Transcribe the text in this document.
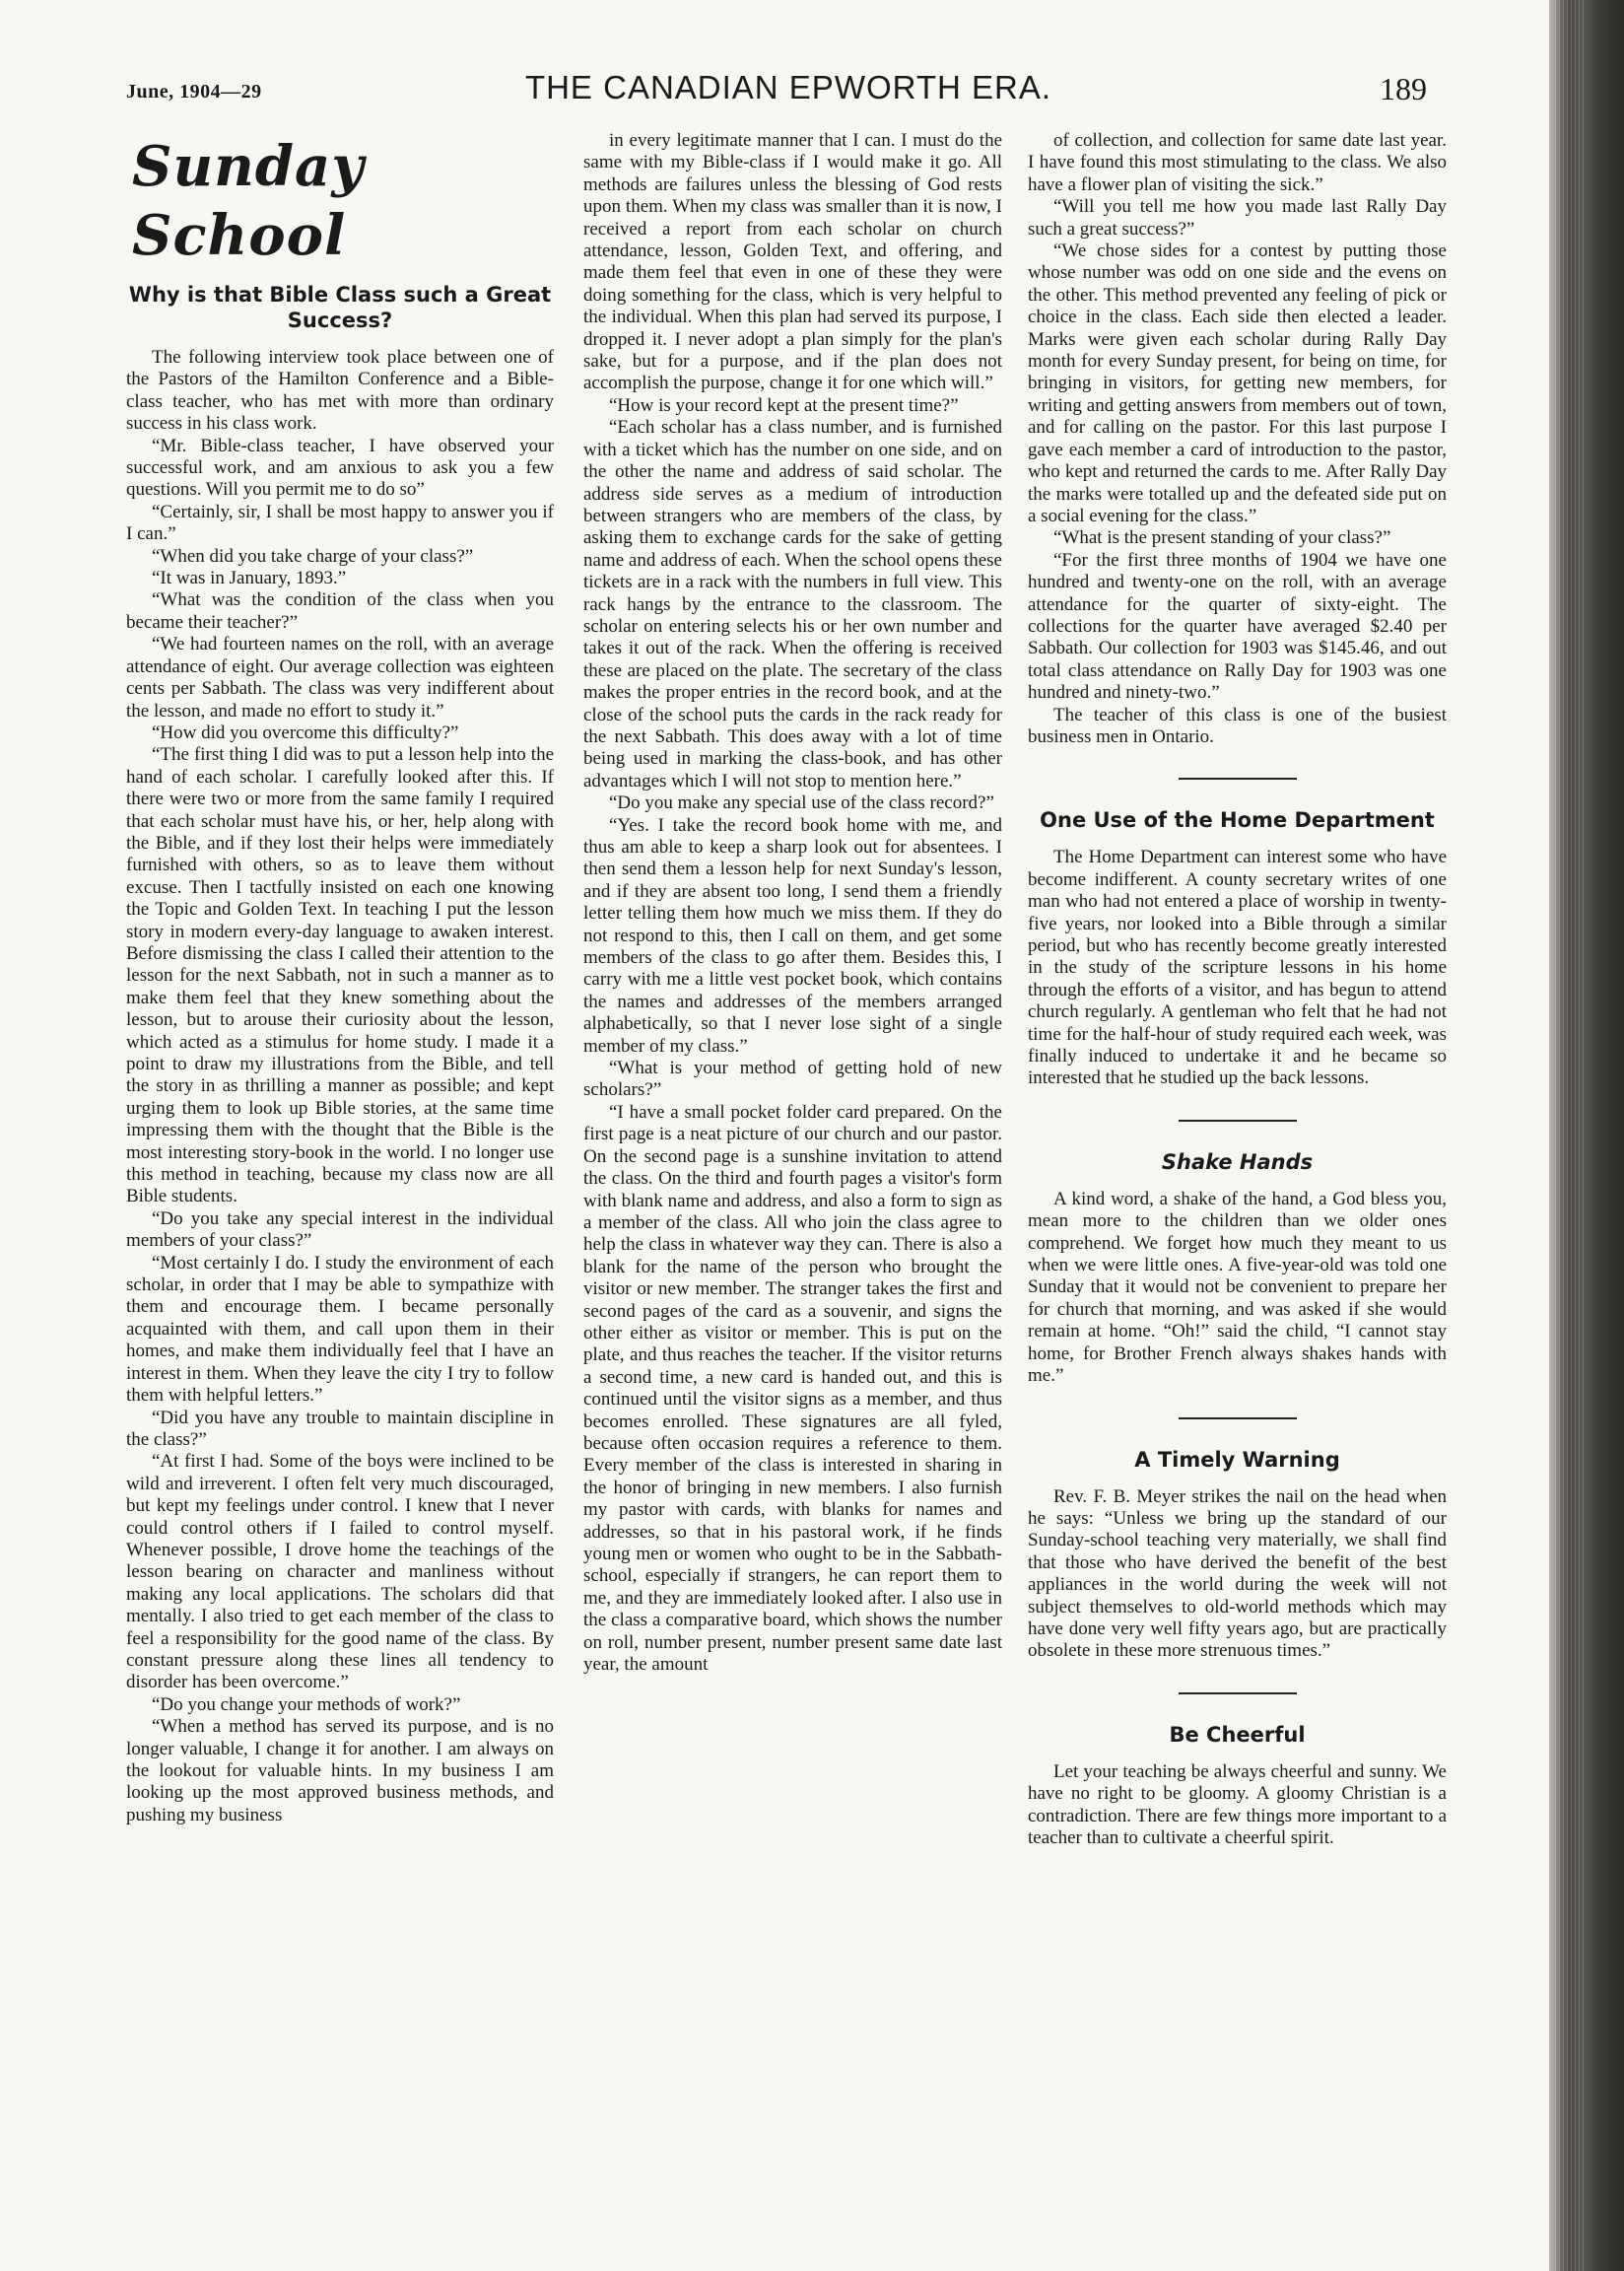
June, 1904—29	THE CANADIAN EPWORTH ERA.	189
Sunday School
Why is that Bible Class such a Great Success?

The following interview took place between one of the Pastors of the Hamilton Conference and a Bible-class teacher, who has met with more than ordinary success in his class work.

“Mr. Bible-class teacher, I have observed your successful work, and am anxious to ask you a few questions. Will you permit me to do so”

“Certainly, sir, I shall be most happy to answer you if I can.”

“When did you take charge of your class?”

“It was in January, 1893.”

“What was the condition of the class when you became their teacher?”

“We had fourteen names on the roll, with an average attendance of eight. Our average collection was eighteen cents per Sabbath. The class was very indifferent about the lesson, and made no effort to study it.”

“How did you overcome this difficulty?”

“The first thing I did was to put a lesson help into the hand of each scholar. I carefully looked after this. If there were two or more from the same family I required that each scholar must have his, or her, help along with the Bible, and if they lost their helps were immediately furnished with others, so as to leave them without excuse. Then I tactfully insisted on each one knowing the Topic and Golden Text. In teaching I put the lesson story in modern every-day language to awaken interest. Before dismissing the class I called their attention to the lesson for the next Sabbath, not in such a manner as to make them feel that they knew something about the lesson, but to arouse their curiosity about the lesson, which acted as a stimulus for home study. I made it a point to draw my illustrations from the Bible, and tell the story in as thrilling a manner as possible; and kept urging them to look up Bible stories, at the same time impressing them with the thought that the Bible is the most interesting story-book in the world. I no longer use this method in teaching, because my class now are all Bible students.

“Do you take any special interest in the individual members of your class?”

“Most certainly I do. I study the environment of each scholar, in order that I may be able to sympathize with them and encourage them. I became personally acquainted with them, and call upon them in their homes, and make them individually feel that I have an interest in them. When they leave the city I try to follow them with helpful letters.”

“Did you have any trouble to maintain discipline in the class?”

“At first I had. Some of the boys were inclined to be wild and irreverent. I often felt very much discouraged, but kept my feelings under control. I knew that I never could control others if I failed to control myself. Whenever possible, I drove home the teachings of the lesson bearing on character and manliness without making any local applications. The scholars did that mentally. I also tried to get each member of the class to feel a responsibility for the good name of the class. By constant pressure along these lines all tendency to disorder has been overcome.”

“Do you change your methods of work?”

“When a method has served its purpose, and is no longer valuable, I change it for another. I am always on the lookout for valuable hints. In my business I am looking up the most approved business methods, and pushing my business

in every legitimate manner that I can. I must do the same with my Bible-class if I would make it go. All methods are failures unless the blessing of God rests upon them. When my class was smaller than it is now, I received a report from each scholar on church attendance, lesson, Golden Text, and offering, and made them feel that even in one of these they were doing something for the class, which is very helpful to the individual. When this plan had served its purpose, I dropped it. I never adopt a plan simply for the plan's sake, but for a purpose, and if the plan does not accomplish the purpose, change it for one which will.”

“How is your record kept at the present time?”

“Each scholar has a class number, and is furnished with a ticket which has the number on one side, and on the other the name and address of said scholar. The address side serves as a medium of introduction between strangers who are members of the class, by asking them to exchange cards for the sake of getting name and address of each. When the school opens these tickets are in a rack with the numbers in full view. This rack hangs by the entrance to the classroom. The scholar on entering selects his or her own number and takes it out of the rack. When the offering is received these are placed on the plate. The secretary of the class makes the proper entries in the record book, and at the close of the school puts the cards in the rack ready for the next Sabbath. This does away with a lot of time being used in marking the class-book, and has other advantages which I will not stop to mention here.”

“Do you make any special use of the class record?”

“Yes. I take the record book home with me, and thus am able to keep a sharp look out for absentees. I then send them a lesson help for next Sunday's lesson, and if they are absent too long, I send them a friendly letter telling them how much we miss them. If they do not respond to this, then I call on them, and get some members of the class to go after them. Besides this, I carry with me a little vest pocket book, which contains the names and addresses of the members arranged alphabetically, so that I never lose sight of a single member of my class.”

“What is your method of getting hold of new scholars?”

“I have a small pocket folder card prepared. On the first page is a neat picture of our church and our pastor. On the second page is a sunshine invitation to attend the class. On the third and fourth pages a visitor's form with blank name and address, and also a form to sign as a member of the class. All who join the class agree to help the class in whatever way they can. There is also a blank for the name of the person who brought the visitor or new member. The stranger takes the first and second pages of the card as a souvenir, and signs the other either as visitor or member. This is put on the plate, and thus reaches the teacher. If the visitor returns a second time, a new card is handed out, and this is continued until the visitor signs as a member, and thus becomes enrolled. These signatures are all fyled, because often occasion requires a reference to them. Every member of the class is interested in sharing in the honor of bringing in new members. I also furnish my pastor with cards, with blanks for names and addresses, so that in his pastoral work, if he finds young men or women who ought to be in the Sabbath-school, especially if strangers, he can report them to me, and they are immediately looked after. I also use in the class a comparative board, which shows the number on roll, number present, number present same date last year, the amount

of collection, and collection for same date last year. I have found this most stimulating to the class. We also have a flower plan of visiting the sick.”

“Will you tell me how you made last Rally Day such a great success?”

“We chose sides for a contest by putting those whose number was odd on one side and the evens on the other. This method prevented any feeling of pick or choice in the class. Each side then elected a leader. Marks were given each scholar during Rally Day month for every Sunday present, for being on time, for bringing in visitors, for getting new members, for writing and getting answers from members out of town, and for calling on the pastor. For this last purpose I gave each member a card of introduction to the pastor, who kept and returned the cards to me. After Rally Day the marks were totalled up and the defeated side put on a social evening for the class.”

“What is the present standing of your class?”

“For the first three months of 1904 we have one hundred and twenty-one on the roll, with an average attendance for the quarter of sixty-eight. The collections for the quarter have averaged $2.40 per Sabbath. Our collection for 1903 was $145.46, and out total class attendance on Rally Day for 1903 was one hundred and ninety-two.”

The teacher of this class is one of the busiest business men in Ontario.

One Use of the Home Department

The Home Department can interest some who have become indifferent. A county secretary writes of one man who had not entered a place of worship in twenty-five years, nor looked into a Bible through a similar period, but who has recently become greatly interested in the study of the scripture lessons in his home through the efforts of a visitor, and has begun to attend church regularly. A gentleman who felt that he had not time for the half-hour of study required each week, was finally induced to undertake it and he became so interested that he studied up the back lessons.

Shake Hands

A kind word, a shake of the hand, a God bless you, mean more to the children than we older ones comprehend. We forget how much they meant to us when we were little ones. A five-year-old was told one Sunday that it would not be convenient to prepare her for church that morning, and was asked if she would remain at home. “Oh!” said the child, “I cannot stay home, for Brother French always shakes hands with me.”

A Timely Warning

Rev. F. B. Meyer strikes the nail on the head when he says: “Unless we bring up the standard of our Sunday-school teaching very materially, we shall find that those who have derived the benefit of the best appliances in the world during the week will not subject themselves to old-world methods which may have done very well fifty years ago, but are practically obsolete in these more strenuous times.”

Be Cheerful

Let your teaching be always cheerful and sunny. We have no right to be gloomy. A gloomy Christian is a contradiction. There are few things more important to a teacher than to cultivate a cheerful spirit.
